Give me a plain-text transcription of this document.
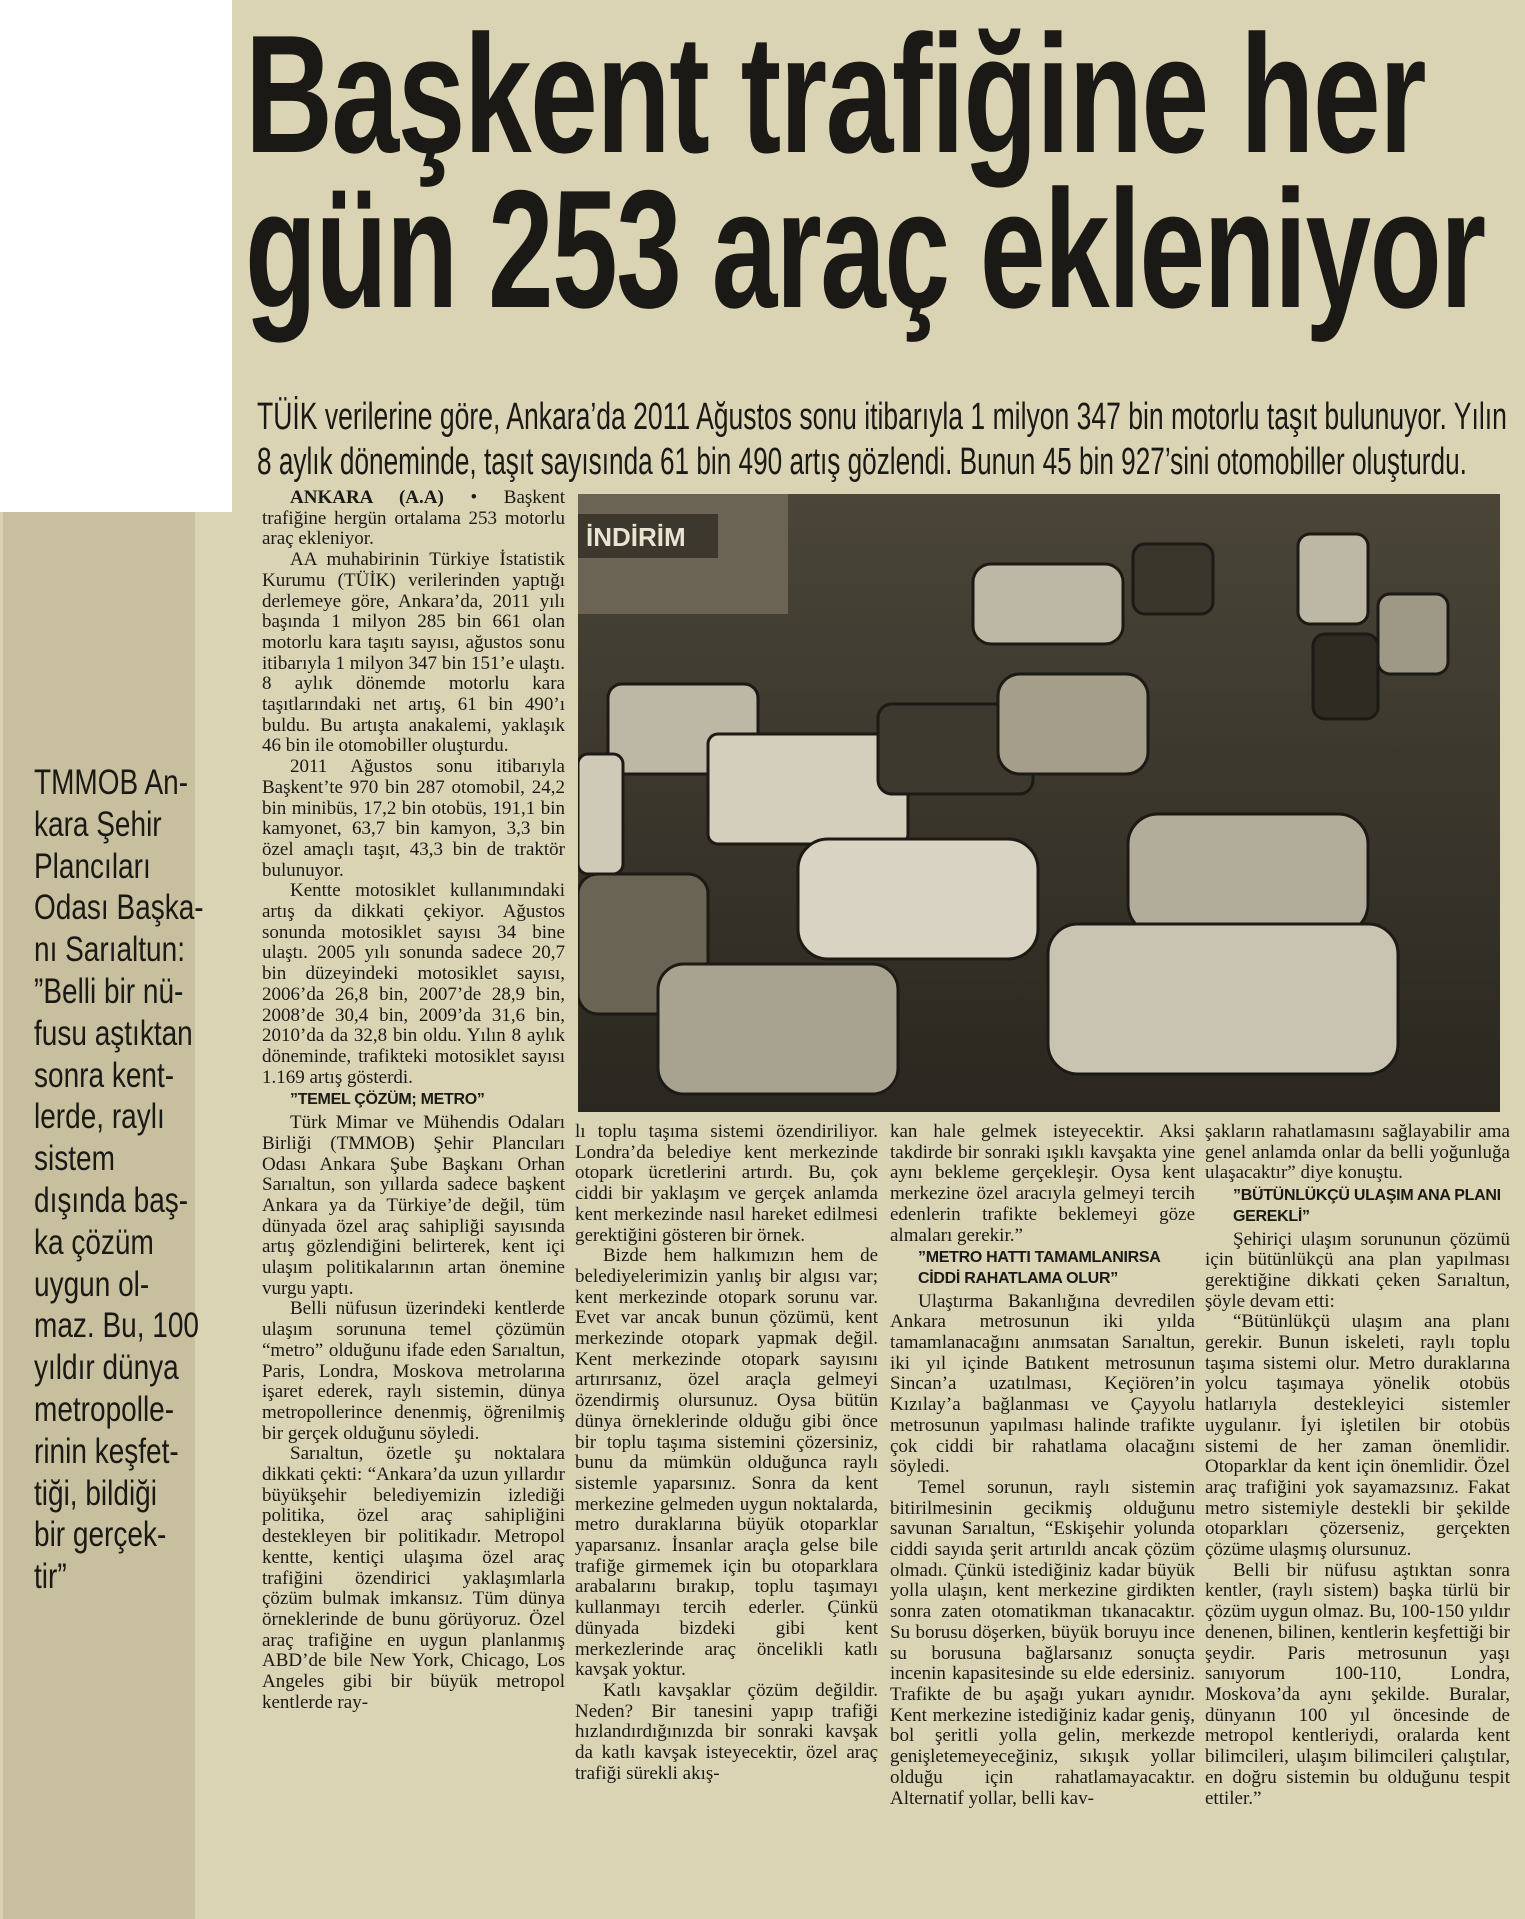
Başkent trafiğine her
gün 253 araç ekleniyor
TÜİK verilerine göre, Ankara’da 2011 Ağustos sonu itibarıyla 1 milyon 347 bin motorlu taşıt bulunuyor. Yılın
8 aylık döneminde, taşıt sayısında 61 bin 490 artış gözlendi. Bunun 45 bin 927’sini otomobiller oluşturdu.
TMMOB An-
kara Şehir
Plancıları
Odası Başka-
nı Sarıaltun:
”Belli bir nü-
fusu aştıktan
sonra kent-
lerde, raylı
sistem
dışında baş-
ka çözüm
uygun ol-
maz. Bu, 100
yıldır dünya
metropolle-
rinin keşfet-
tiği, bildiği
bir gerçek-
tir”

ANKARA (A.A) • Başkent trafiğine hergün ortalama 253 motorlu araç ekleniyor.

AA muhabirinin Türkiye İstatistik Kurumu (TÜİK) verilerinden yaptığı derlemeye göre, Ankara’da, 2011 yılı başında 1 milyon 285 bin 661 olan motorlu kara taşıtı sayısı, ağustos sonu itibarıyla 1 milyon 347 bin 151’e ulaştı. 8 aylık dönemde motorlu kara taşıtlarındaki net artış, 61 bin 490’ı buldu. Bu artışta anakalemi, yaklaşık 46 bin ile otomobiller oluşturdu.

2011 Ağustos sonu itibarıyla Başkent’te 970 bin 287 otomobil, 24,2 bin minibüs, 17,2 bin otobüs, 191,1 bin kamyonet, 63,7 bin kamyon, 3,3 bin özel amaçlı taşıt, 43,3 bin de traktör bulunuyor.

Kentte motosiklet kullanımındaki artış da dikkati çekiyor. Ağustos sonunda motosiklet sayısı 34 bine ulaştı. 2005 yılı sonunda sadece 20,7 bin düzeyindeki motosiklet sayısı, 2006’da 26,8 bin, 2007’de 28,9 bin, 2008’de 30,4 bin, 2009’da 31,6 bin, 2010’da da 32,8 bin oldu. Yılın 8 aylık döneminde, trafikteki motosiklet sayısı 1.169 artış gösterdi.

”TEMEL ÇÖZÜM; METRO”

Türk Mimar ve Mühendis Odaları Birliği (TMMOB) Şehir Plancıları Odası Ankara Şube Başkanı Orhan Sarıaltun, son yıllarda sadece başkent Ankara ya da Türkiye’de değil, tüm dünyada özel araç sahipliği sayısında artış gözlendiğini belirterek, kent içi ulaşım politikalarının artan önemine vurgu yaptı.

Belli nüfusun üzerindeki kentlerde ulaşım sorununa temel çözümün “metro” olduğunu ifade eden Sarıaltun, Paris, Londra, Moskova metrolarına işaret ederek, raylı sistemin, dünya metropollerince denenmiş, öğrenilmiş bir gerçek olduğunu söyledi.

Sarıaltun, özetle şu noktalara dikkati çekti: “Ankara’da uzun yıllardır büyükşehir belediyemizin izlediği politika, özel araç sahipliğini destekleyen bir politikadır. Metropol kentte, kentiçi ulaşıma özel araç trafiğini özendirici yaklaşımlarla çözüm bulmak imkansız. Tüm dünya örneklerinde de bunu görüyoruz. Özel araç trafiğine en uygun planlanmış ABD’de bile New York, Chicago, Los Angeles gibi bir büyük metropol kentlerde ray-

İNDİRİM

lı toplu taşıma sistemi özendiriliyor. Londra’da belediye kent merkezinde otopark ücretlerini artırdı. Bu, çok ciddi bir yaklaşım ve gerçek anlamda kent merkezinde nasıl hareket edilmesi gerektiğini gösteren bir örnek.

Bizde hem halkımızın hem de belediyelerimizin yanlış bir algısı var; kent merkezinde otopark sorunu var. Evet var ancak bunun çözümü, kent merkezinde otopark yapmak değil. Kent merkezinde otopark sayısını artırırsanız, özel araçla gelmeyi özendirmiş olursunuz. Oysa bütün dünya örneklerinde olduğu gibi önce bir toplu taşıma sistemini çözersiniz, bunu da mümkün olduğunca raylı sistemle yaparsınız. Sonra da kent merkezine gelmeden uygun noktalarda, metro duraklarına büyük otoparklar yaparsanız. İnsanlar araçla gelse bile trafiğe girmemek için bu otoparklara arabalarını bırakıp, toplu taşımayı kullanmayı tercih ederler. Çünkü dünyada bizdeki gibi kent merkezlerinde araç öncelikli katlı kavşak yoktur.

Katlı kavşaklar çözüm değildir. Neden? Bir tanesini yapıp trafiği hızlandırdığınızda bir sonraki kavşak da katlı kavşak isteyecektir, özel araç trafiği sürekli akış-

kan hale gelmek isteyecektir. Aksi takdirde bir sonraki ışıklı kavşakta yine aynı bekleme gerçekleşir. Oysa kent merkezine özel aracıyla gelmeyi tercih edenlerin trafikte beklemeyi göze almaları gerekir.”

”METRO HATTI TAMAMLANIRSA CİDDİ RAHATLAMA OLUR”

Ulaştırma Bakanlığına devredilen Ankara metrosunun iki yılda tamamlanacağını anımsatan Sarıaltun, iki yıl içinde Batıkent metrosunun Sincan’a uzatılması, Keçiören’in Kızılay’a bağlanması ve Çayyolu metrosunun yapılması halinde trafikte çok ciddi bir rahatlama olacağını söyledi.

Temel sorunun, raylı sistemin bitirilmesinin gecikmiş olduğunu savunan Sarıaltun, “Eskişehir yolunda ciddi sayıda şerit artırıldı ancak çözüm olmadı. Çünkü istediğiniz kadar büyük yolla ulaşın, kent merkezine girdikten sonra zaten otomatikman tıkanacaktır. Su borusu döşerken, büyük boruyu ince su borusuna bağlarsanız sonuçta incenin kapasitesinde su elde edersiniz. Trafikte de bu aşağı yukarı aynıdır. Kent merkezine istediğiniz kadar geniş, bol şeritli yolla gelin, merkezde genişletemeyeceğiniz, sıkışık yollar olduğu için rahatlamayacaktır. Alternatif yollar, belli kav-

şakların rahatlamasını sağlayabilir ama genel anlamda onlar da belli yoğunluğa ulaşacaktır” diye konuştu.

”BÜTÜNLÜKÇÜ ULAŞIM ANA PLANI GEREKLİ”

Şehiriçi ulaşım sorununun çözümü için bütünlükçü ana plan yapılması gerektiğine dikkati çeken Sarıaltun, şöyle devam etti:

“Bütünlükçü ulaşım ana planı gerekir. Bunun iskeleti, raylı toplu taşıma sistemi olur. Metro duraklarına yolcu taşımaya yönelik otobüs hatlarıyla destekleyici sistemler uygulanır. İyi işletilen bir otobüs sistemi de her zaman önemlidir. Otoparklar da kent için önemlidir. Özel araç trafiğini yok sayamazsınız. Fakat metro sistemiyle destekli bir şekilde otoparkları çözerseniz, gerçekten çözüme ulaşmış olursunuz.

Belli bir nüfusu aştıktan sonra kentler, (raylı sistem) başka türlü bir çözüm uygun olmaz. Bu, 100-150 yıldır denenen, bilinen, kentlerin keşfettiği bir şeydir. Paris metrosunun yaşı sanıyorum 100-110, Londra, Moskova’da aynı şekilde. Buralar, dünyanın 100 yıl öncesinde de metropol kentleriydi, oralarda kent bilimcileri, ulaşım bilimcileri çalıştılar, en doğru sistemin bu olduğunu tespit ettiler.”
